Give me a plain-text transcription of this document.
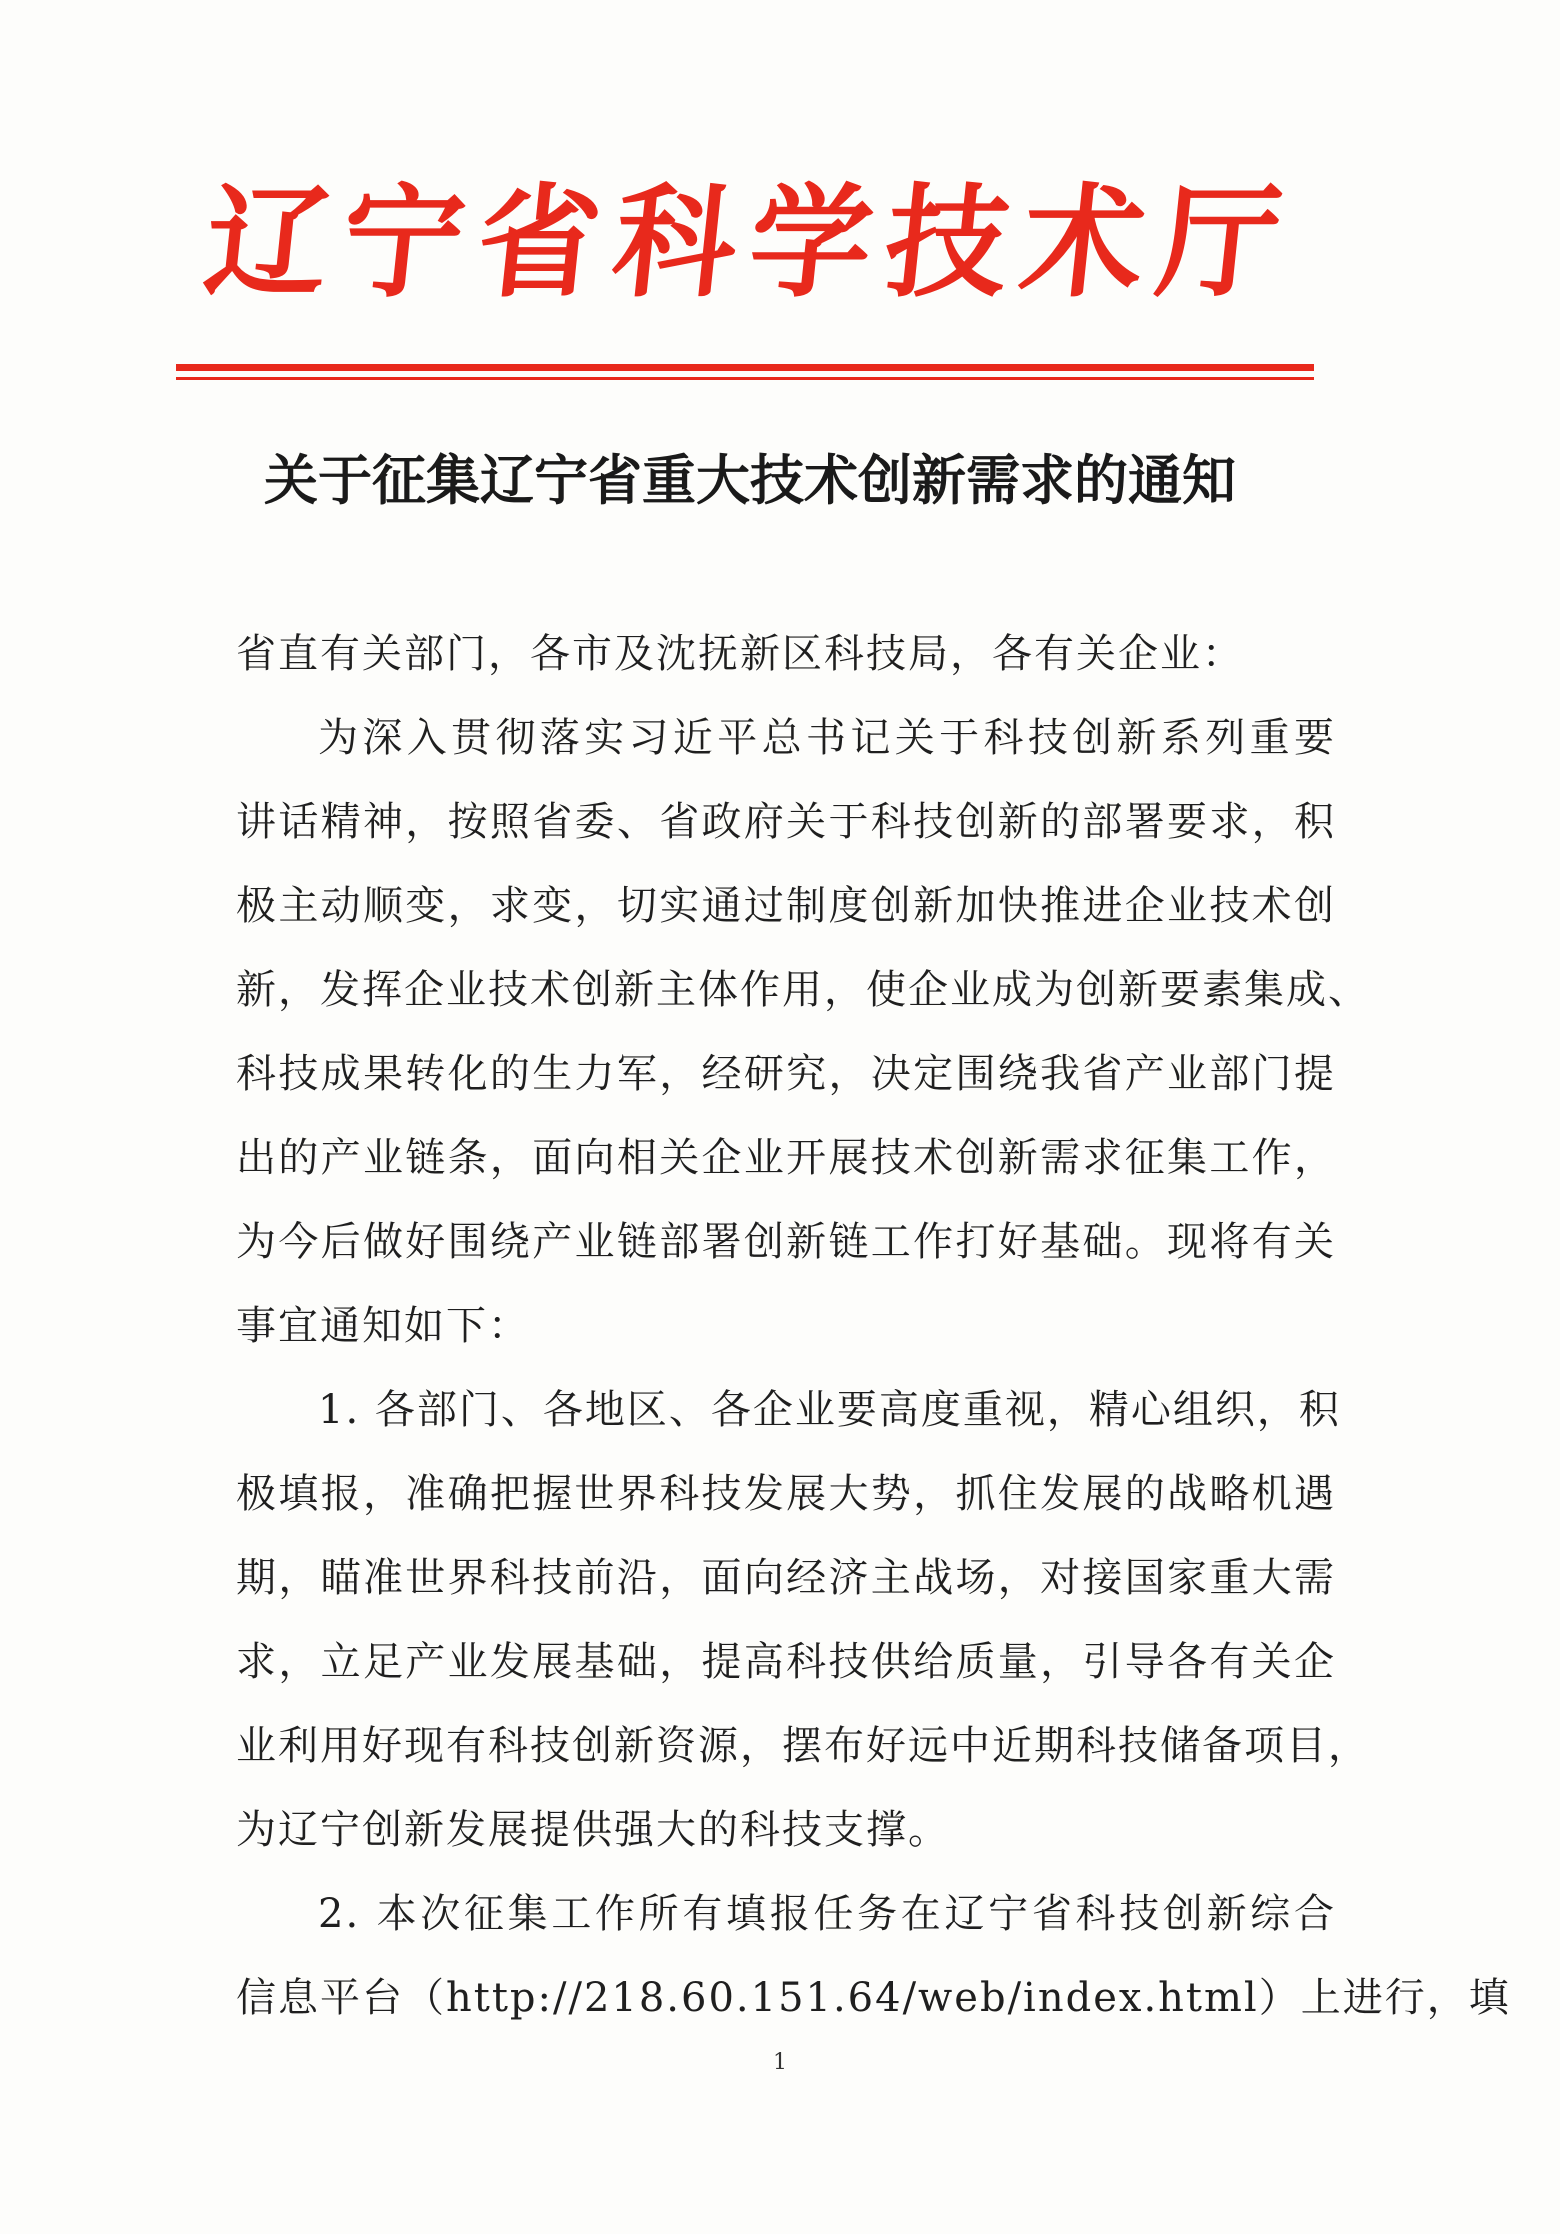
辽宁省科学技术厅
关于征集辽宁省重大技术创新需求的通知

省直有关部门，各市及沈抚新区科技局，各有关企业：

为深入贯彻落实习近平总书记关于科技创新系列重要

讲话精神，按照省委、省政府关于科技创新的部署要求，积

极主动顺变，求变，切实通过制度创新加快推进企业技术创

新，发挥企业技术创新主体作用，使企业成为创新要素集成、

科技成果转化的生力军，经研究，决定围绕我省产业部门提

出的产业链条，面向相关企业开展技术创新需求征集工作，

为今后做好围绕产业链部署创新链工作打好基础。现将有关

事宜通知如下：

1. 各部门、各地区、各企业要高度重视，精心组织，积

极填报，准确把握世界科技发展大势，抓住发展的战略机遇

期，瞄准世界科技前沿，面向经济主战场，对接国家重大需

求，立足产业发展基础，提高科技供给质量，引导各有关企

业利用好现有科技创新资源，摆布好远中近期科技储备项目，

为辽宁创新发展提供强大的科技支撑。

2. 本次征集工作所有填报任务在辽宁省科技创新综合

信息平台（http://218.60.151.64/web/index.html）上进行，填

1
